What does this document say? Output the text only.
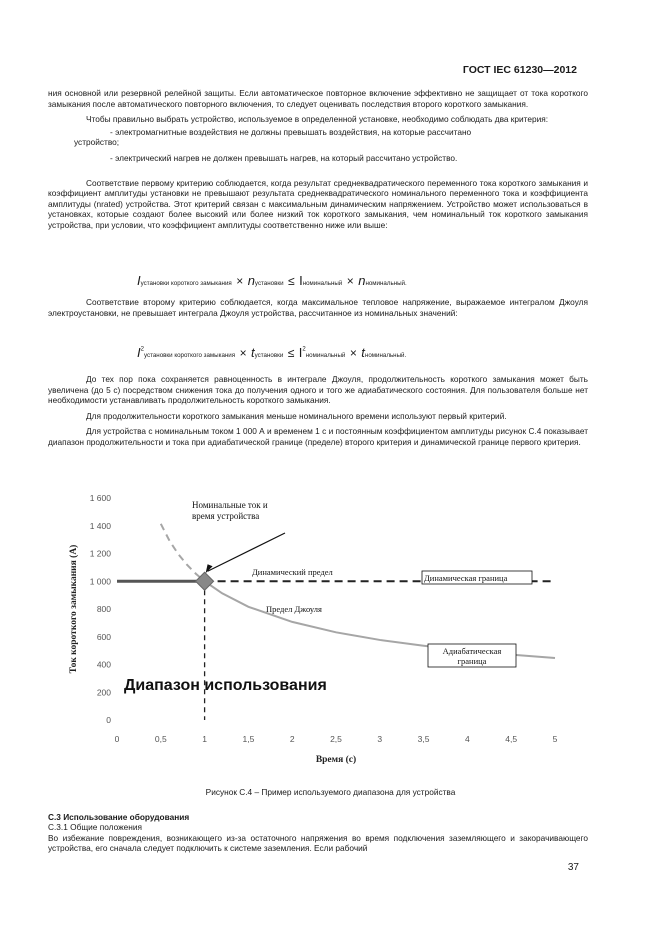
ГОСТ IEC 61230—2012

ния основной или резервной релейной защиты. Если автоматическое повторное включение эффективно не защищает от тока короткого замыкания после автоматического повторного включения, то следует оценивать последствия второго короткого замыкания.

Чтобы правильно выбрать устройство, используемое в определенной установке, необходимо соблюдать два критерия:

- электромагнитные воздействия не должны превышать воздействия, на которые рассчитано

устройство;

- электрический нагрев не должен превышать нагрев, на который рассчитано устройство.

Соответствие первому критерию соблюдается, когда результат среднеквадратического переменного тока короткого замыкания и коэффициент амплитуды установки не превышают результата среднеквадратического номинального переменного тока и коэффициента амплитуды (nrated) устройства. Этот критерий связан с максимальным динамическим напряжением. Устройство может использоваться в установках, которые создают более высокий или более низкий ток короткого замыкания, чем номинальный ток короткого замыкания устройства, при условии, что коэффициент амплитуды соответственно ниже или выше:

Iустановки короткого замыкания × nустановки ≤ Iноминальный × nноминальный.

Соответствие второму критерию соблюдается, когда максимальное тепловое напряжение, выражаемое интегралом Джоуля электроустановки, не превышает интеграла Джоуля устройства, рассчитанное из номинальных значений:

$I^2установки$ короткого замыкания × tустановки ≤ $I^2номинальный$ × tноминальный.

До тех пор пока сохраняется равноценность в интеграле Джоуля, продолжительность короткого замыкания может быть увеличена (до 5 с) посредством снижения тока до получения одного и того же адиабатического состояния. Для пользователя больше нет необходимости устанавливать продолжительность короткого замыкания.

Для продолжительности короткого замыкания меньше номинального времени используют первый критерий.

Для устройства с номинальным током 1 000 А и временем 1 с и постоянным коэффициентом амплитуды рисунок С.4 показывает диапазон продолжительности и тока при адиабатической границе (пределе) второго критерия и динамической границе первого критерия.

0
200
400
600
800
1 000
1 200
1 400
1 600
0	0,5	1	1,5	2	2,5	3	3,5	4	4,5	5
Ток короткого замыкания (А)
Время (с)
Номинальные ток и
время устройства
Динамический предел
Динамическая граница
Предел Джоуля
Адиабатическая
граница
Диапазон использования
Рисунок С.4 – Пример используемого диапазона для устройства

С.3 Использование оборудования

С.3.1 Общие положения

Во избежание повреждения, возникающего из-за остаточного напряжения во время подключения заземляющего и закорачивающего устройства, его сначала следует подключить к системе заземления. Если рабочий

37
